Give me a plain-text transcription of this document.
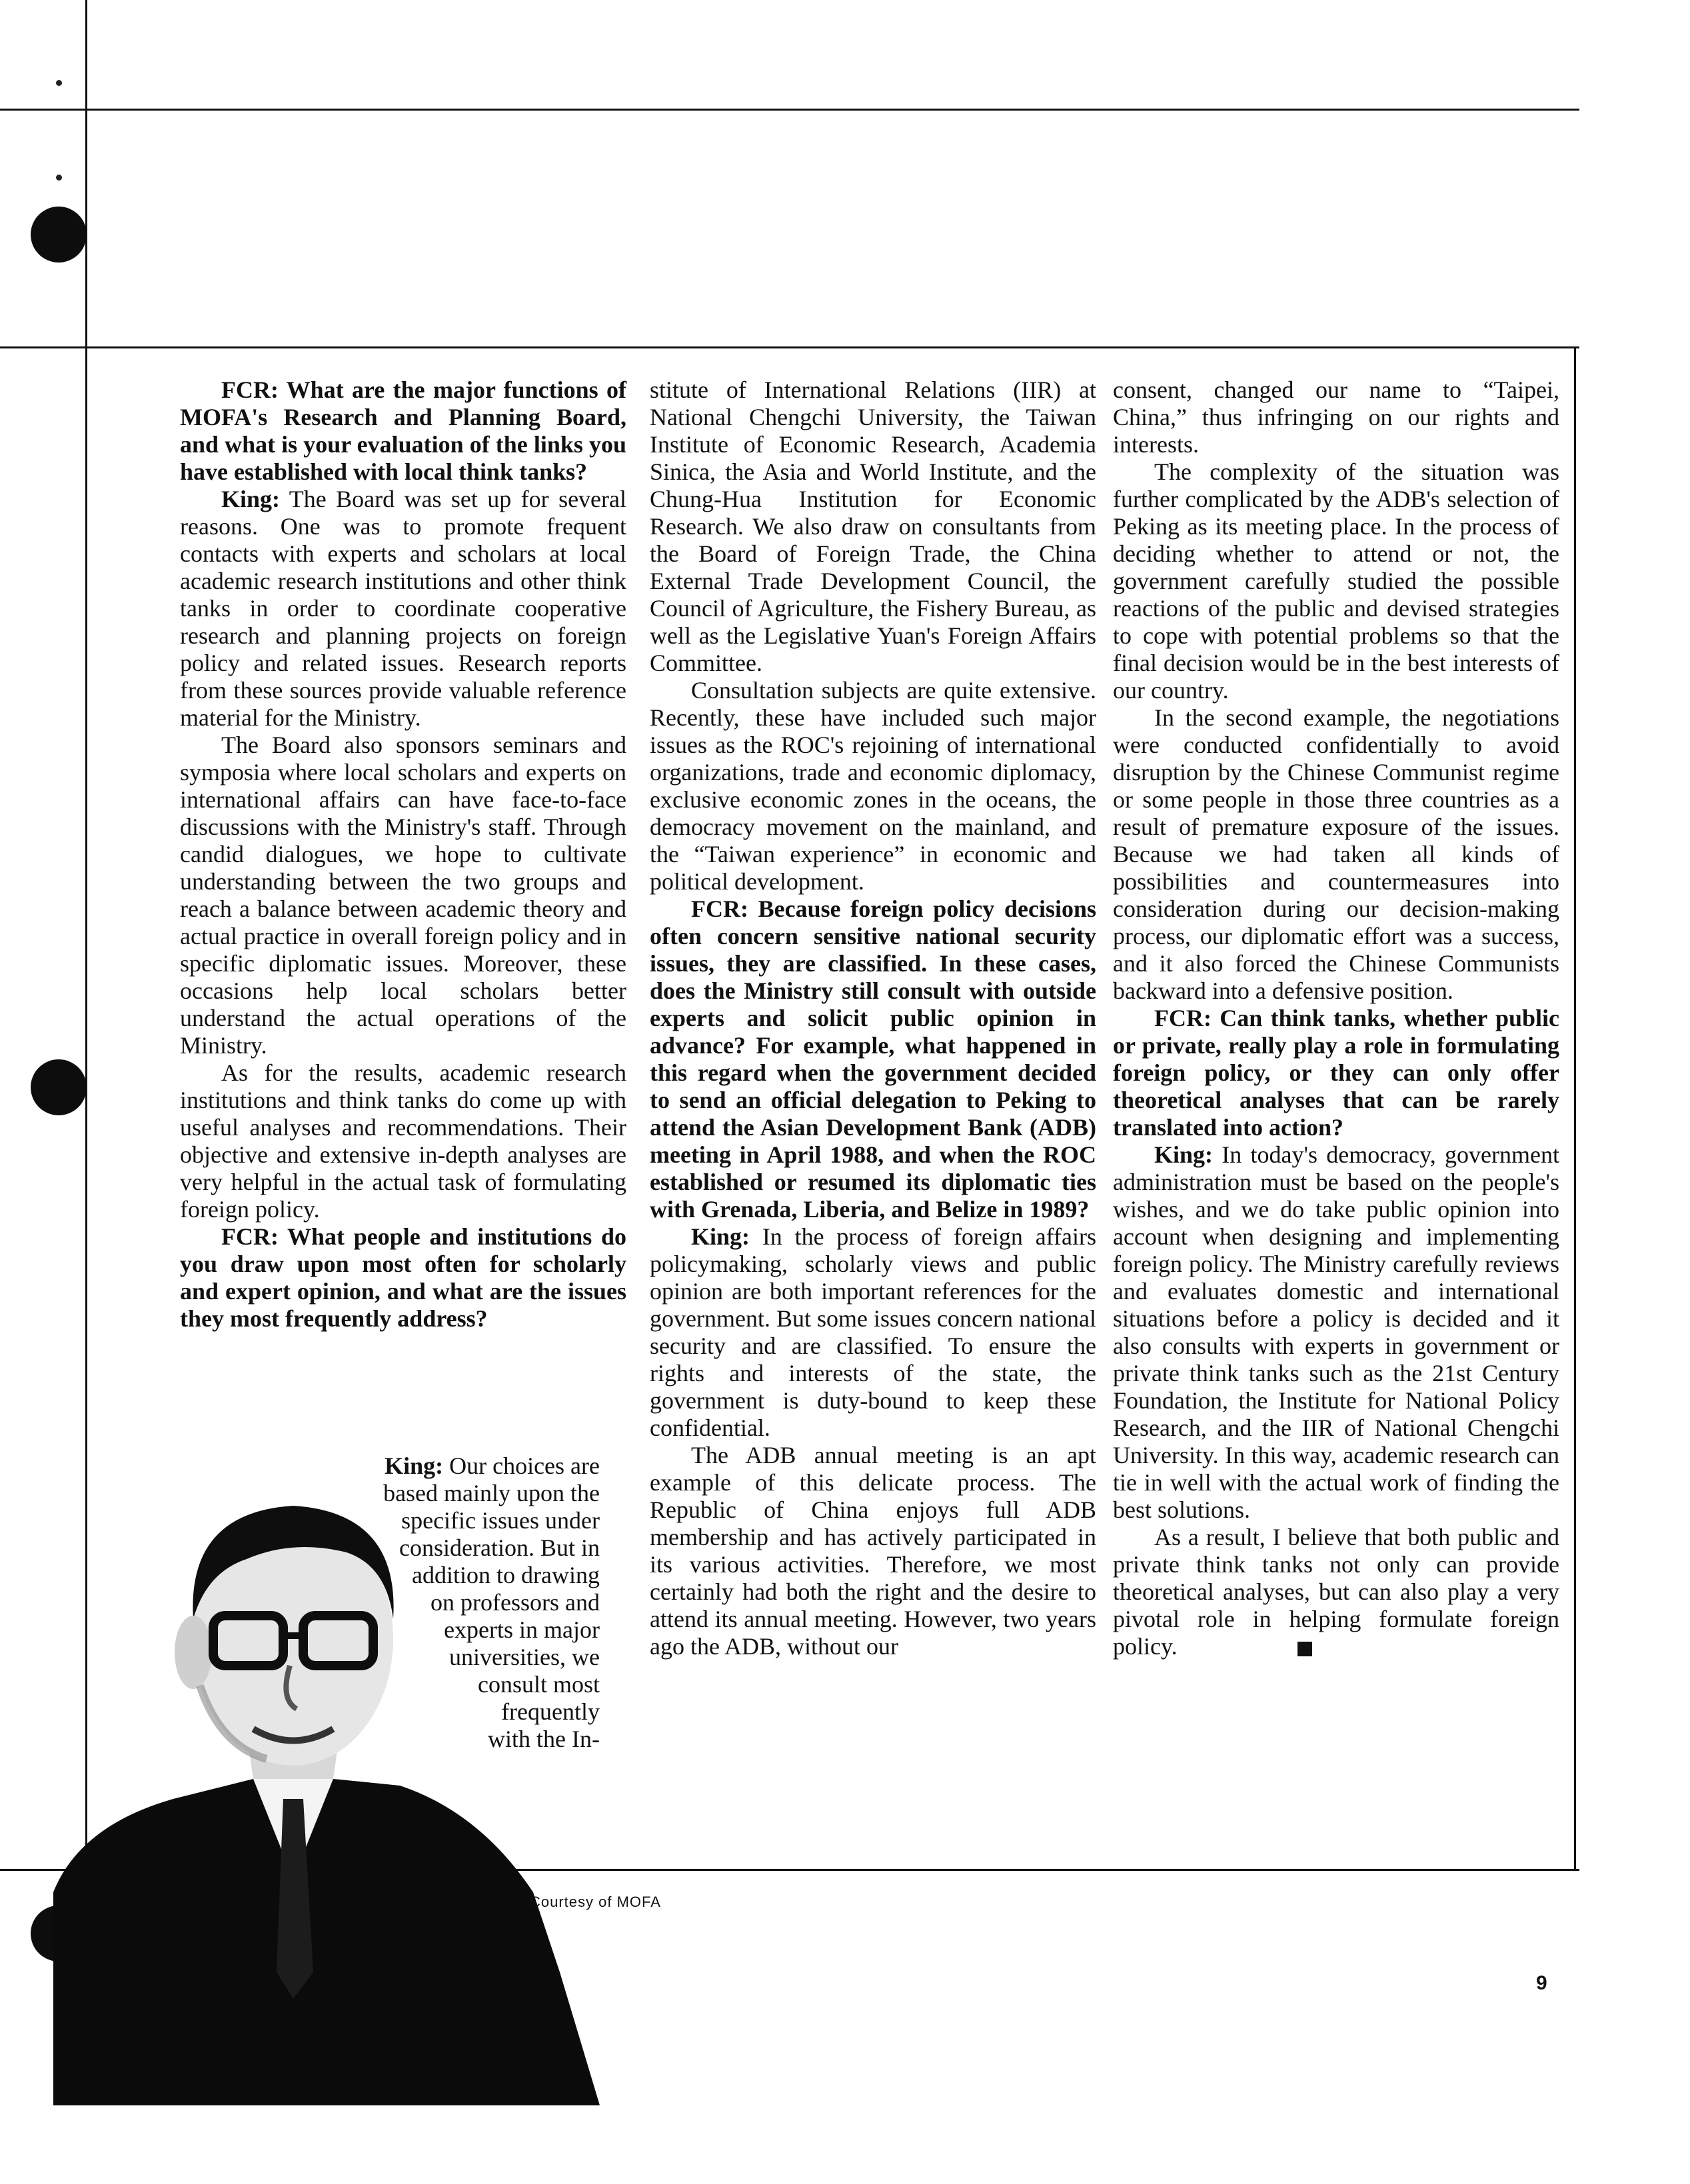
FCR: What are the major functions of MOFA's Research and Planning Board, and what is your evaluation of the links you have established with local think tanks?

King: The Board was set up for several reasons. One was to promote frequent contacts with experts and scholars at local academic research institutions and other think tanks in order to coordinate cooperative research and planning projects on foreign policy and related issues. Research reports from these sources provide valuable reference material for the Ministry.

The Board also sponsors seminars and symposia where local scholars and experts on international affairs can have face-to-face discussions with the Ministry's staff. Through candid dialogues, we hope to cultivate understanding between the two groups and reach a balance between academic theory and actual practice in overall foreign policy and in specific diplomatic issues. Moreover, these occasions help local scholars better understand the actual operations of the Ministry.

As for the results, academic research institutions and think tanks do come up with useful analyses and recommendations. Their objective and extensive in-depth analyses are very helpful in the actual task of formulating foreign policy.

FCR: What people and institutions do you draw upon most often for scholarly and expert opinion, and what are the issues they most frequently address?

King: Our choices are
based mainly upon the
specific issues under
consideration. But in
addition to drawing
on professors and
experts in major
universities, we
consult most
frequently
with the In-

stitute of International Relations (IIR) at National Chengchi University, the Taiwan Institute of Economic Research, Academia Sinica, the Asia and World Institute, and the Chung-Hua Institution for Economic Research. We also draw on consultants from the Board of Foreign Trade, the China External Trade Development Council, the Council of Agriculture, the Fishery Bureau, as well as the Legislative Yuan's Foreign Affairs Committee.

Consultation subjects are quite extensive. Recently, these have included such major issues as the ROC's rejoining of international organizations, trade and economic diplomacy, exclusive economic zones in the oceans, the democracy movement on the mainland, and the “Taiwan experience” in economic and political development.

FCR: Because foreign policy decisions often concern sensitive national security issues, they are classified. In these cases, does the Ministry still consult with outside experts and solicit public opinion in advance? For example, what happened in this regard when the government decided to send an official delegation to Peking to attend the Asian Development Bank (ADB) meeting in April 1988, and when the ROC established or resumed its diplomatic ties with Grenada, Liberia, and Belize in 1989?

King: In the process of foreign affairs policymaking, scholarly views and public opinion are both important references for the government. But some issues concern national security and are classified. To ensure the rights and interests of the state, the government is duty-bound to keep these confidential.

The ADB annual meeting is an apt example of this delicate process. The Republic of China enjoys full ADB membership and has actively participated in its various activities. Therefore, we most certainly had both the right and the desire to attend its annual meeting. However, two years ago the ADB, without our

consent, changed our name to “Taipei, China,” thus infringing on our rights and interests.

The complexity of the situation was further complicated by the ADB's selection of Peking as its meeting place. In the process of deciding whether to attend or not, the government carefully studied the possible reactions of the public and devised strategies to cope with potential problems so that the final decision would be in the best interests of our country.

In the second example, the negotiations were conducted confidentially to avoid disruption by the Chinese Communist regime or some people in those three countries as a result of premature exposure of the issues. Because we had taken all kinds of possibilities and countermeasures into consideration during our decision-making process, our diplomatic effort was a success, and it also forced the Chinese Communists backward into a defensive position.

FCR: Can think tanks, whether public or private, really play a role in formulating foreign policy, or they can only offer theoretical analyses that can be rarely translated into action?

King: In today's democracy, government administration must be based on the people's wishes, and we do take public opinion into account when designing and implementing foreign policy. The Ministry carefully reviews and evaluates domestic and international situations before a policy is decided and it also consults with experts in government or private think tanks such as the 21st Century Foundation, the Institute for National Policy Research, and the IIR of National Chengchi University. In this way, academic research can tie in well with the actual work of finding the best solutions.

As a result, I believe that both public and private think tanks not only can provide theoretical analyses, but can also play a very pivotal role in helping formulate foreign policy.

Courtesy of MOFA
9
